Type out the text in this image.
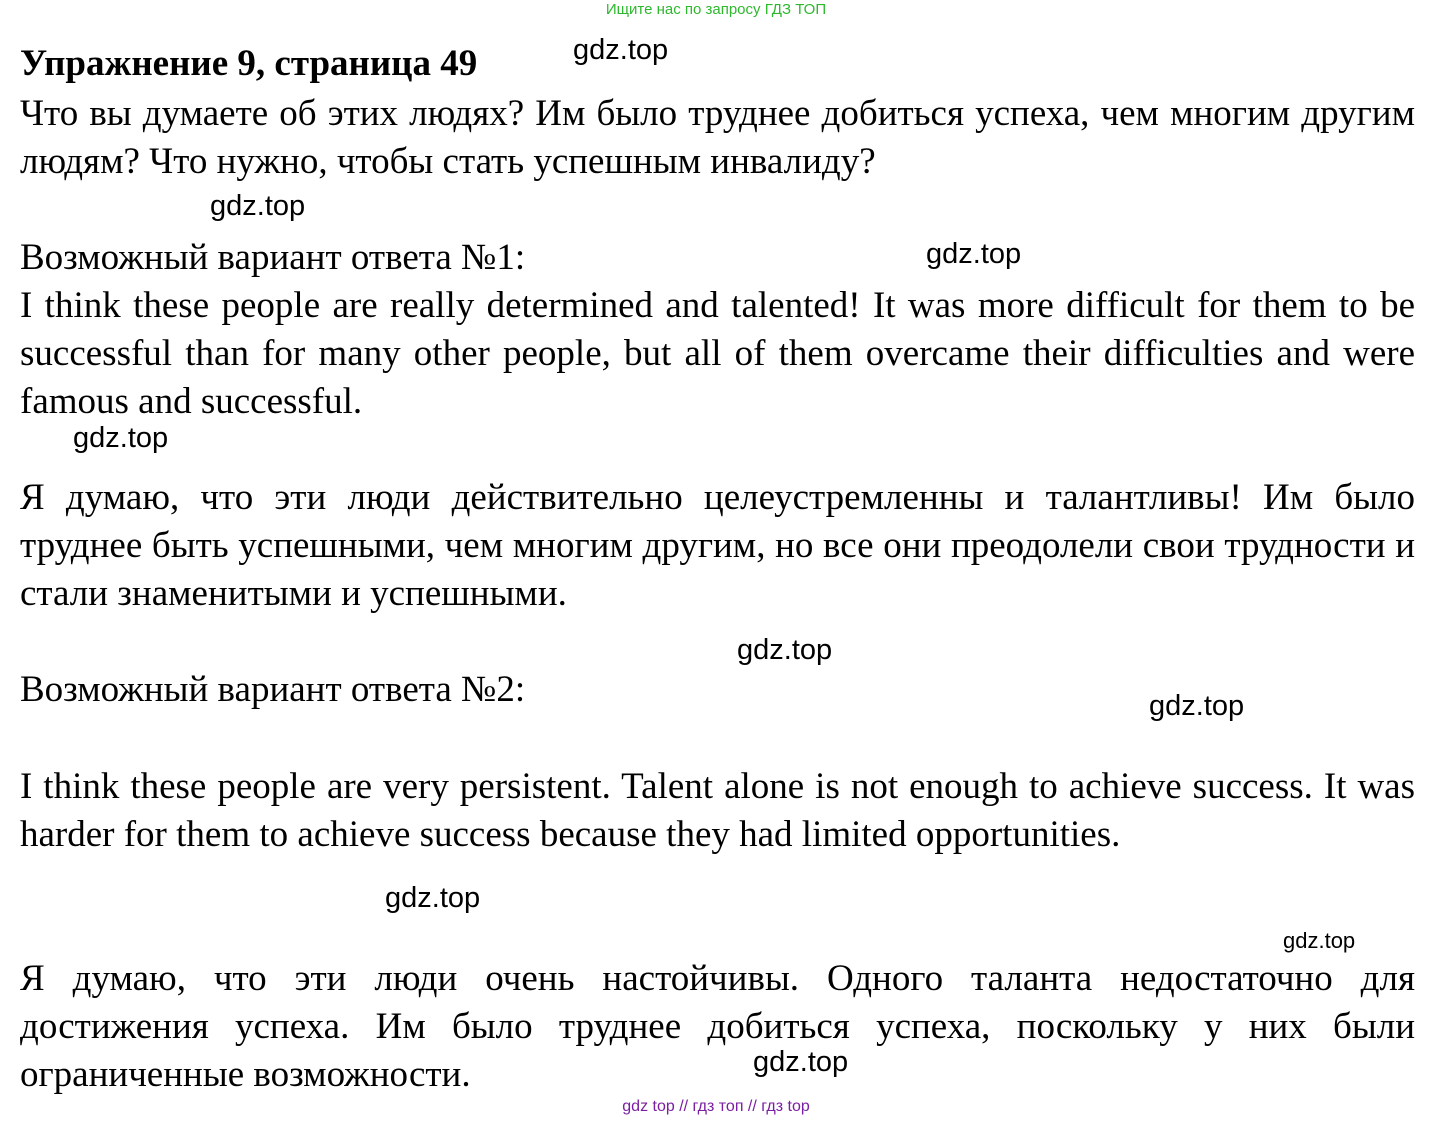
Ищите нас по запросу ГДЗ ТОП
Упражнение 9, страница 49

Что вы думаете об этих людях? Им было труднее добиться успеха, чем многим другим людям? Что нужно, чтобы стать успешным инвалиду?

Возможный вариант ответа №1:

I think these people are really determined and talented! It was more difficult for them to be successful than for many other people, but all of them overcame their difficulties and were famous and successful.

Я думаю, что эти люди действительно целеустремленны и талантливы! Им было труднее быть успешными, чем многим другим, но все они преодолели свои трудности и стали знаменитыми и успешными.

Возможный вариант ответа №2:

I think these people are very persistent. Talent alone is not enough to achieve success. It was harder for them to achieve success because they had limited opportunities.

Я думаю, что эти люди очень настойчивы. Одного таланта недостаточно для достижения успеха. Им было труднее добиться успеха, поскольку у них были ограниченные возможности.

gdz.top
gdz.top
gdz.top
gdz.top
gdz.top
gdz.top
gdz.top
gdz.top
gdz.top
gdz top // гдз топ // гдз top
